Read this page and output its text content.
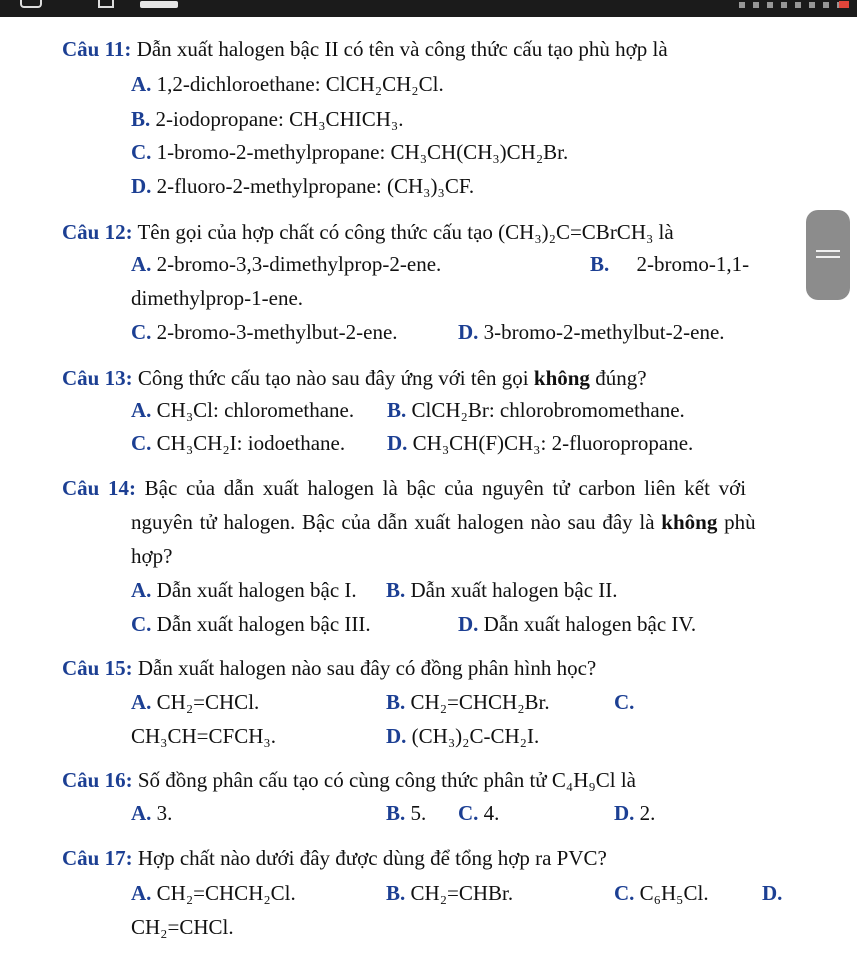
Câu 11: Dẫn xuất halogen bậc II có tên và công thức cấu tạo phù hợp là
A. 1,2-dichloroethane: ClCH₂CH₂Cl.
B. 2-iodopropane: CH₃CHICH₃.
C. 1-bromo-2-methylpropane: CH₃CH(CH₃)CH₂Br.
D. 2-fluoro-2-methylpropane: (CH₃)₃CF.
Câu 12: Tên gọi của hợp chất có công thức cấu tạo (CH₃)₂C=CBrCH₃ là
A. 2-bromo-3,3-dimethylprop-2-ene.	B. 2-bromo-1,1-
dimethylprop-1-ene.
C. 2-bromo-3-methylbut-2-ene.	D. 3-bromo-2-methylbut-2-ene.
Câu 13: Công thức cấu tạo nào sau đây ứng với tên gọi không đúng?
A. CH₃Cl: chloromethane. B. ClCH₂Br: chlorobromomethane.
C. CH₃CH₂I: iodoethane. D. CH₃CH(F)CH₃: 2-fluoropropane.
Câu 14: Bậc của dẫn xuất halogen là bậc của nguyên tử carbon liên kết với
nguyên tử halogen. Bậc của dẫn xuất halogen nào sau đây là không phù
hợp?
A. Dẫn xuất halogen bậc I. B. Dẫn xuất halogen bậc II.
C. Dẫn xuất halogen bậc III.	D. Dẫn xuất halogen bậc IV.
Câu 15: Dẫn xuất halogen nào sau đây có đồng phân hình học?
A. CH₂=CHCl.	B. CH₂=CHCH₂Br.	C.
CH₃CH=CFCH₃.	D. (CH₃)₂C-CH₂I.
Câu 16: Số đồng phân cấu tạo có cùng công thức phân tử C₄H₉Cl là
A. 3.	B. 5. C. 4.	D. 2.
Câu 17: Hợp chất nào dưới đây được dùng để tổng hợp ra PVC?
A. CH₂=CHCH₂Cl.	B. CH₂=CHBr.	C. C₆H₅Cl.	D.
CH₂=CHCl.
